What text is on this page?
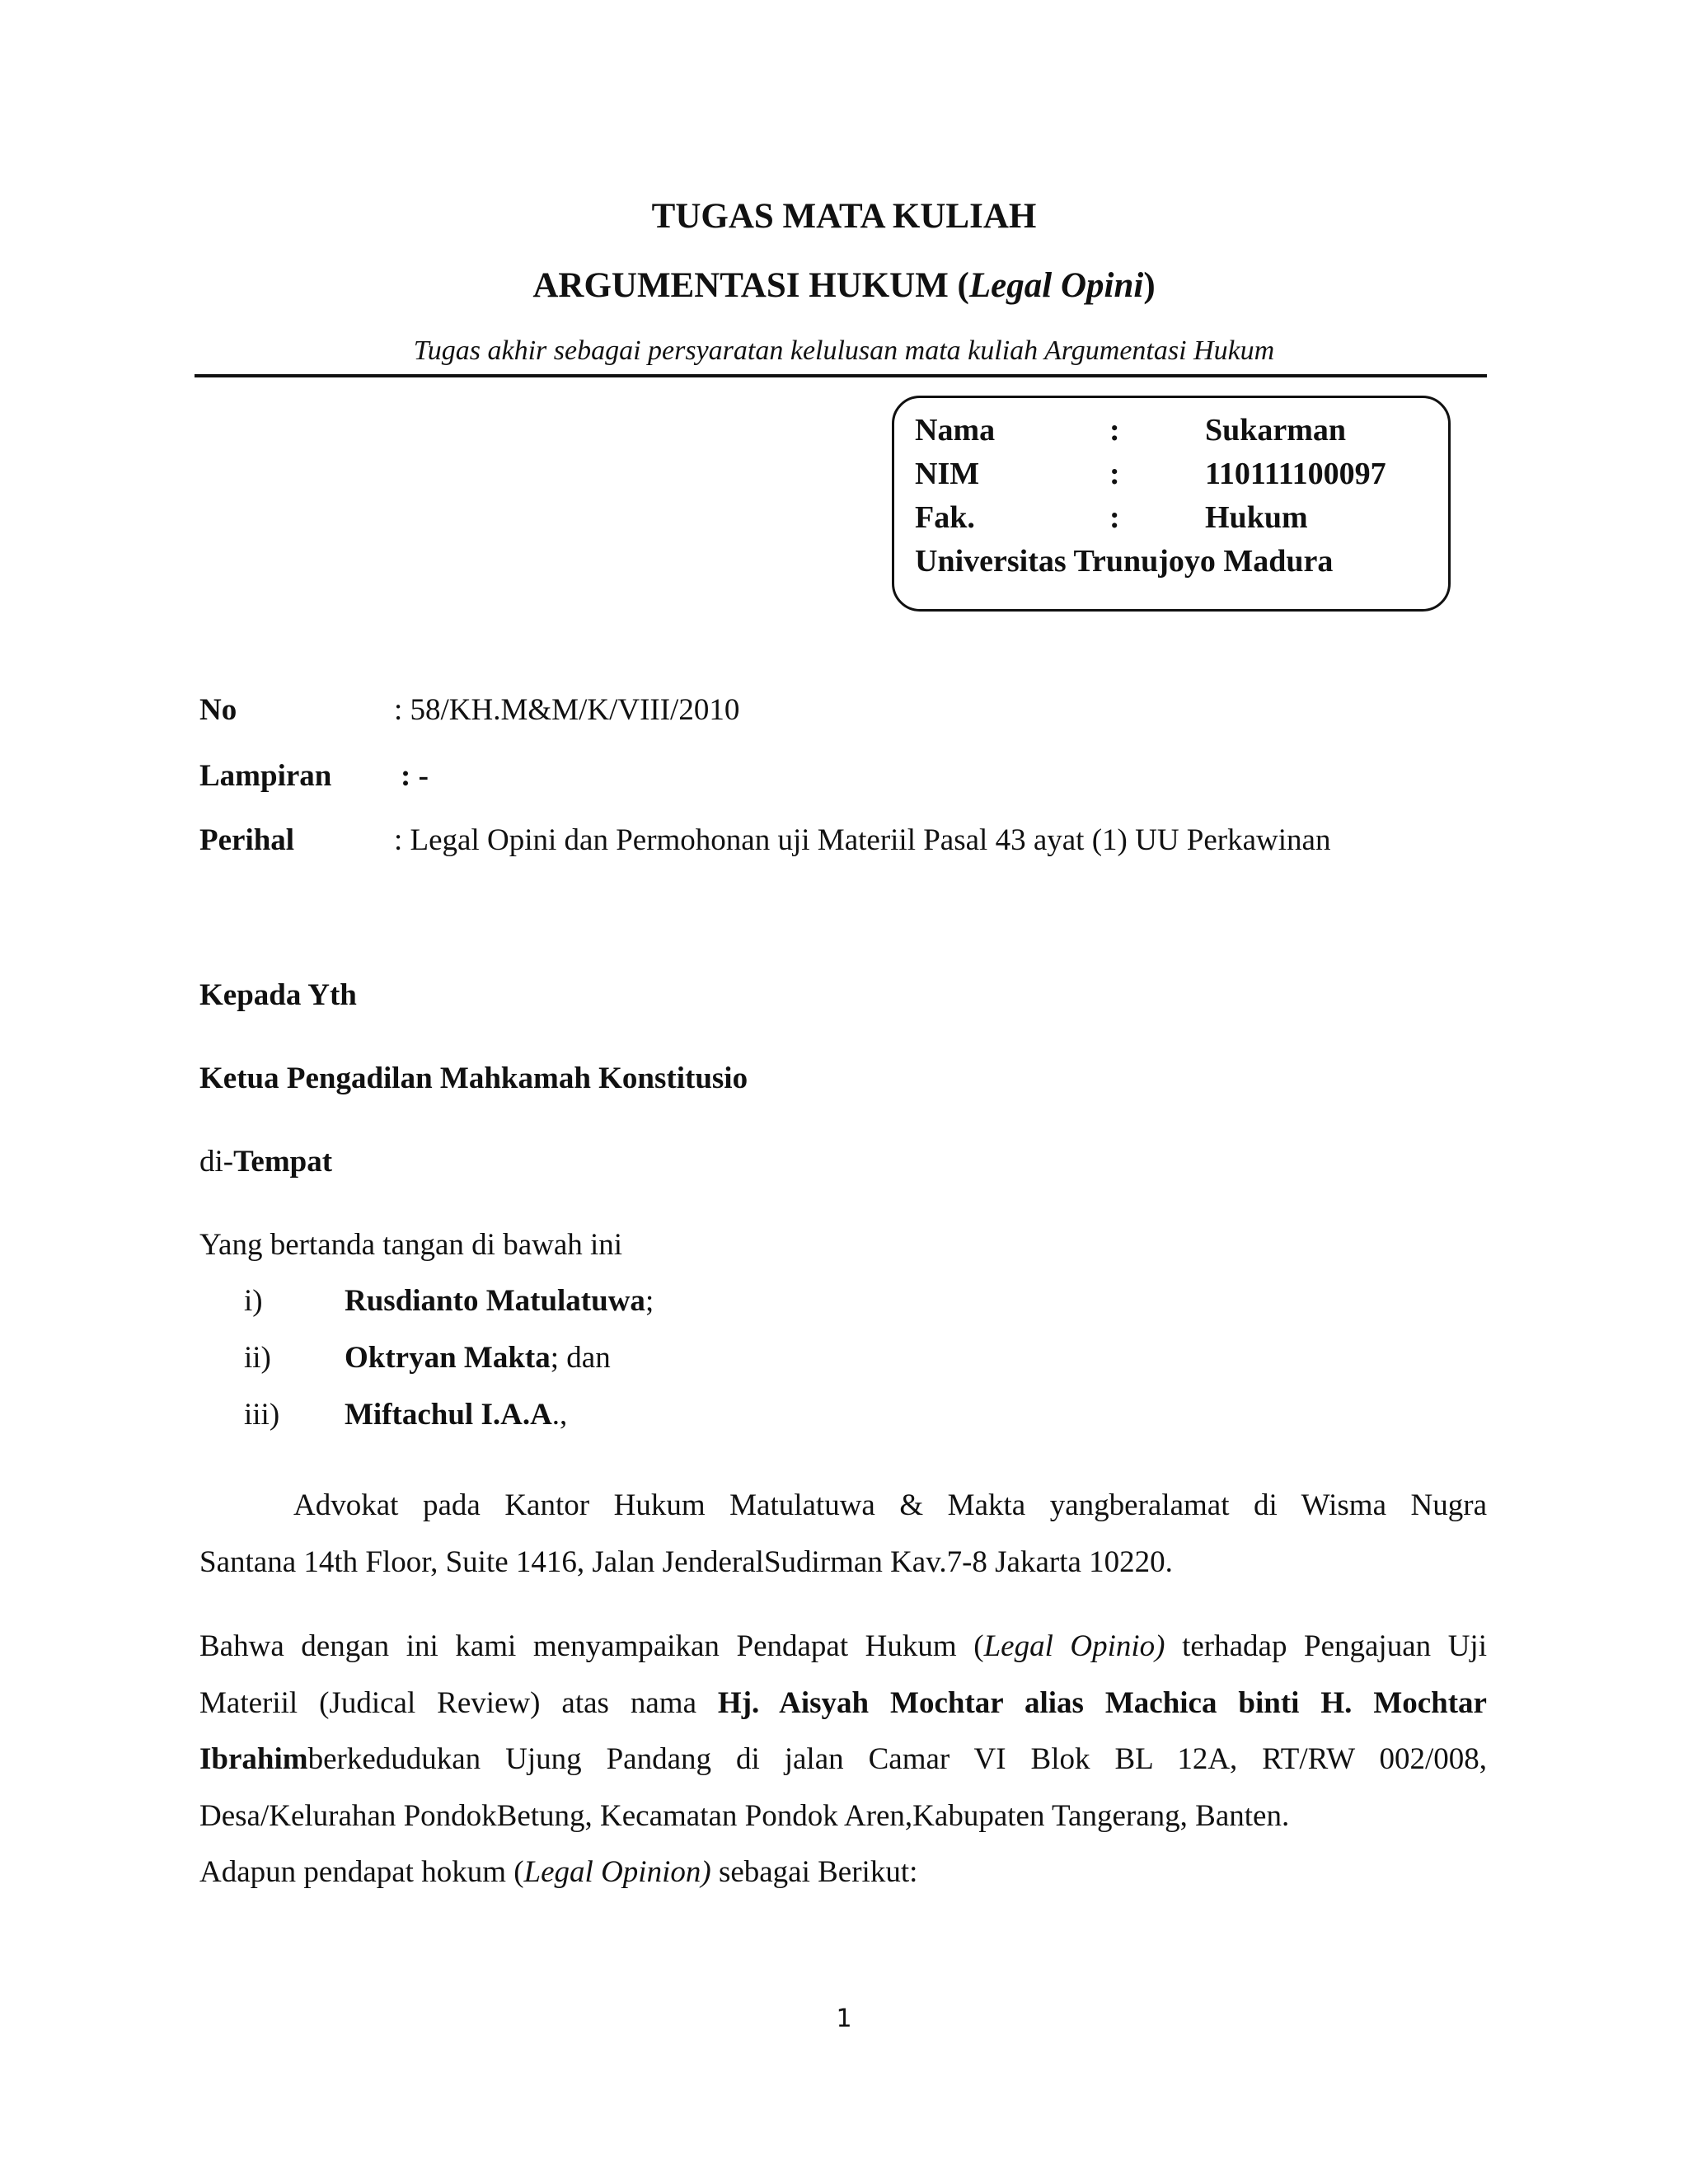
TUGAS MATA KULIAH
ARGUMENTASI HUKUM (Legal Opini)
Tugas akhir sebagai persyaratan kelulusan mata kuliah Argumentasi Hukum
Nama	:	Sukarman
NIM	:	110111100097
Fak.	:	Hukum
Universitas Trunujoyo Madura
No	: 58/KH.M&M/K/VIII/2010
Lampiran : -
Perihal	: Legal Opini dan Permohonan uji Materiil Pasal 43 ayat (1) UU Perkawinan
Kepada Yth
Ketua Pengadilan Mahkamah Konstitusio
di-Tempat
Yang bertanda tangan di bawah ini
i)	Rusdianto Matulatuwa;
ii) Oktryan Makta; dan
iii) Miftachul I.A.A.,
Advokat pada Kantor Hukum Matulatuwa & Makta yangberalamat di Wisma Nugra
Santana 14th Floor, Suite 1416, Jalan JenderalSudirman Kav.7-8 Jakarta 10220.
Bahwa dengan ini kami menyampaikan Pendapat Hukum (Legal Opinio) terhadap Pengajuan Uji
Materiil (Judical Review) atas nama Hj. Aisyah Mochtar alias Machica binti H. Mochtar
Ibrahimberkedudukan Ujung Pandang di jalan Camar VI Blok BL 12A, RT/RW 002/008,
Desa/Kelurahan PondokBetung, Kecamatan Pondok Aren,Kabupaten Tangerang, Banten.
Adapun pendapat hokum (Legal Opinion) sebagai Berikut:
1
